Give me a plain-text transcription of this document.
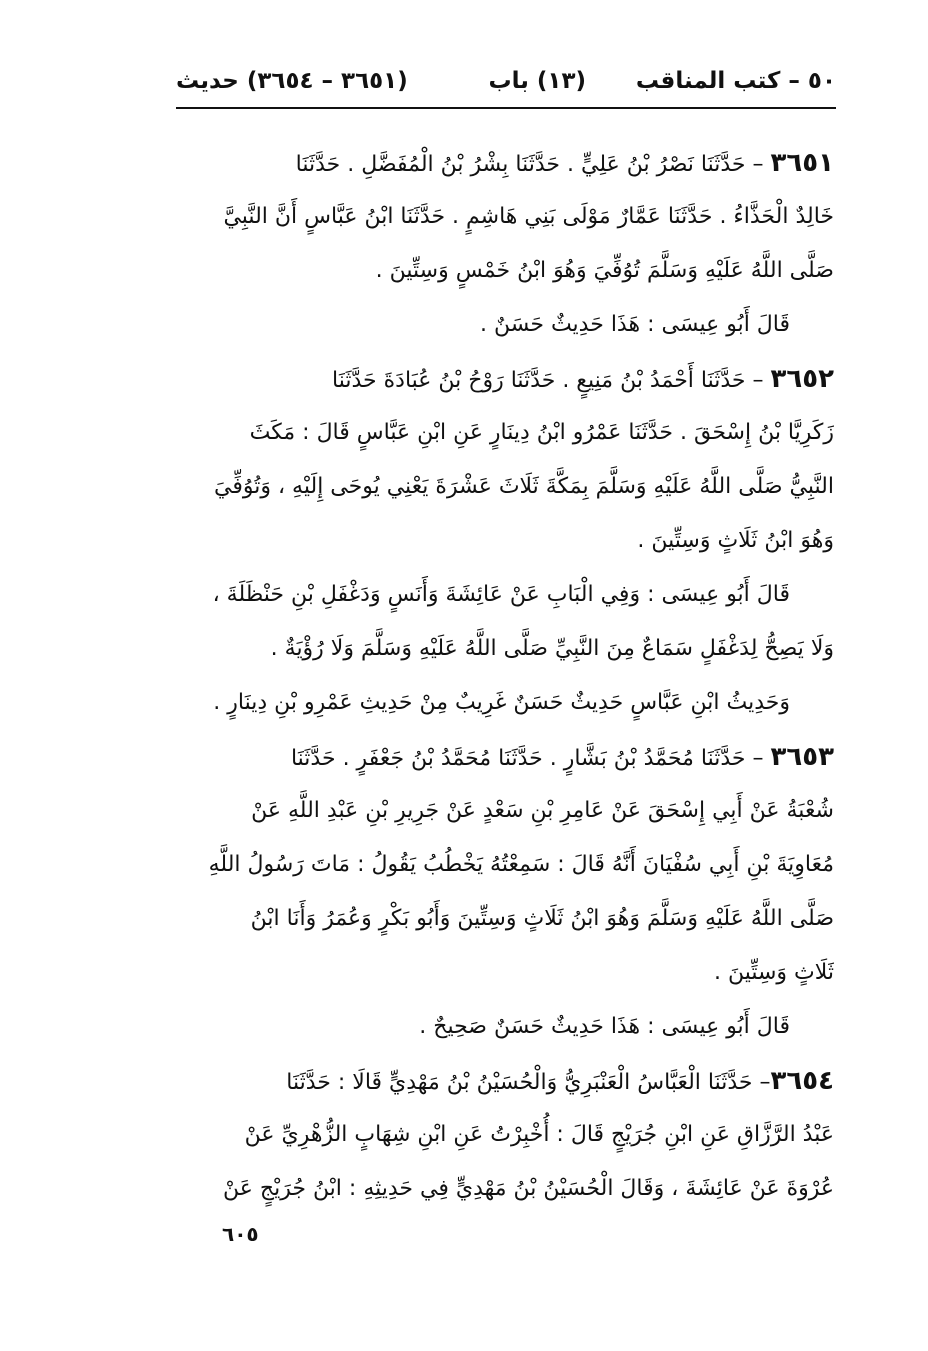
٥٠ – كتب المناقب
(١٣) باب
(٣٦٥١ – ٣٦٥٤) حديث
٣٦٥١ – حَدَّثَنَا نَصْرُ بْنُ عَلِيٍّ . حَدَّثَنَا بِشْرُ بْنُ الْمُفَضَّلِ . حَدَّثَنَا
خَالِدٌ الْحَذَّاءُ . حَدَّثَنَا عَمَّارٌ مَوْلَى بَنِي هَاشِمٍ . حَدَّثَنَا ابْنُ عَبَّاسٍ أَنَّ النَّبِيَّ
صَلَّى اللَّهُ عَلَيْهِ وَسَلَّمَ تُوُفِّيَ وَهُوَ ابْنُ خَمْسٍ وَسِتِّينَ .
قَالَ أَبُو عِيسَى : هَذَا حَدِيثٌ حَسَنٌ .
٣٦٥٢ – حَدَّثَنَا أَحْمَدُ بْنُ مَنِيعٍ . حَدَّثَنَا رَوْحُ بْنُ عُبَادَةَ حَدَّثَنَا
زَكَرِيَّا بْنُ إِسْحَقَ . حَدَّثَنَا عَمْرُو ابْنُ دِينَارٍ عَنِ ابْنِ عَبَّاسٍ قَالَ : مَكَثَ
النَّبِيُّ صَلَّى اللَّهُ عَلَيْهِ وَسَلَّمَ بِمَكَّةَ ثَلَاثَ عَشْرَةَ يَعْنِي يُوحَى إِلَيْهِ ، وَتُوُفِّيَ
وَهُوَ ابْنُ ثَلَاثٍ وَسِتِّينَ .
قَالَ أَبُو عِيسَى : وَفِي الْبَابِ عَنْ عَائِشَةَ وَأَنَسٍ وَدَغْفَلِ بْنِ حَنْظَلَةَ ،
وَلَا يَصِحُّ لِدَغْفَلٍ سَمَاعٌ مِنَ النَّبِيِّ صَلَّى اللَّهُ عَلَيْهِ وَسَلَّمَ وَلَا رُؤْيَةٌ .
وَحَدِيثُ ابْنِ عَبَّاسٍ حَدِيثٌ حَسَنٌ غَرِيبٌ مِنْ حَدِيثِ عَمْرِو بْنِ دِينَارٍ .
٣٦٥٣ – حَدَّثَنَا مُحَمَّدُ بْنُ بَشَّارٍ . حَدَّثَنَا مُحَمَّدُ بْنُ جَعْفَرٍ . حَدَّثَنَا
شُعْبَةُ عَنْ أَبِي إِسْحَقَ عَنْ عَامِرِ بْنِ سَعْدٍ عَنْ جَرِيرِ بْنِ عَبْدِ اللَّهِ عَنْ
مُعَاوِيَةَ بْنِ أَبِي سُفْيَانَ أَنَّهُ قَالَ : سَمِعْتُهُ يَخْطُبُ يَقُولُ : مَاتَ رَسُولُ اللَّهِ
صَلَّى اللَّهُ عَلَيْهِ وَسَلَّمَ وَهُوَ ابْنُ ثَلَاثٍ وَسِتِّينَ وَأَبُو بَكْرٍ وَعُمَرُ وَأَنَا ابْنُ
ثَلَاثٍ وَسِتِّينَ .
قَالَ أَبُو عِيسَى : هَذَا حَدِيثٌ حَسَنٌ صَحِيحٌ .
٣٦٥٤– حَدَّثَنَا الْعَبَّاسُ الْعَنْبَرِيُّ وَالْحُسَيْنُ بْنُ مَهْدِيٍّ قَالَا : حَدَّثَنَا
عَبْدُ الرَّزَّاقِ عَنِ ابْنِ جُرَيْجٍ قَالَ : أُخْبِرْتُ عَنِ ابْنِ شِهَابٍ الزُّهْرِيِّ عَنْ
عُرْوَةَ عَنْ عَائِشَةَ ، وَقَالَ الْحُسَيْنُ بْنُ مَهْدِيٍّ فِي حَدِيثِهِ : ابْنُ جُرَيْجٍ عَنْ
٦٠٥
